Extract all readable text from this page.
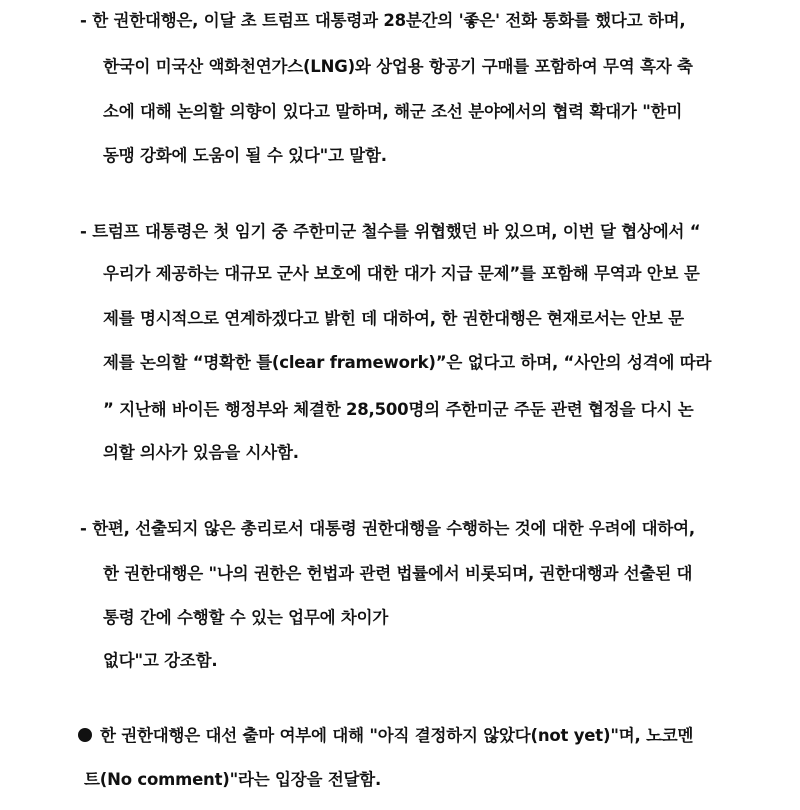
- 한 권한대행은, 이달 초 트럼프 대통령과 28분간의 '좋은' 전화 통화를 했다고 하며,
한국이 미국산 액화천연가스(LNG)와 상업용 항공기 구매를 포함하여 무역 흑자 축
소에 대해 논의할 의향이 있다고 말하며, 해군 조선 분야에서의 협력 확대가 "한미
동맹 강화에 도움이 될 수 있다"고 말함.
- 트럼프 대통령은 첫 임기 중 주한미군 철수를 위협했던 바 있으며, 이번 달 협상에서 “
우리가 제공하는 대규모 군사 보호에 대한 대가 지급 문제”를 포함해 무역과 안보 문
제를 명시적으로 연계하겠다고 밝힌 데 대하여, 한 권한대행은 현재로서는 안보 문
제를 논의할 “명확한 틀(clear framework)”은 없다고 하며, “사안의 성격에 따라
” 지난해 바이든 행정부와 체결한 28,500명의 주한미군 주둔 관련 협정을 다시 논
의할 의사가 있음을 시사함.
- 한편, 선출되지 않은 총리로서 대통령 권한대행을 수행하는 것에 대한 우려에 대하여,
한 권한대행은 "나의 권한은 헌법과 관련 법률에서 비롯되며, 권한대행과 선출된 대
통령 간에 수행할 수 있는 업무에 차이가
없다"고 강조함.
한 권한대행은 대선 출마 여부에 대해 "아직 결정하지 않았다(not yet)"며, 노코멘
트(No comment)"라는 입장을 전달함.
